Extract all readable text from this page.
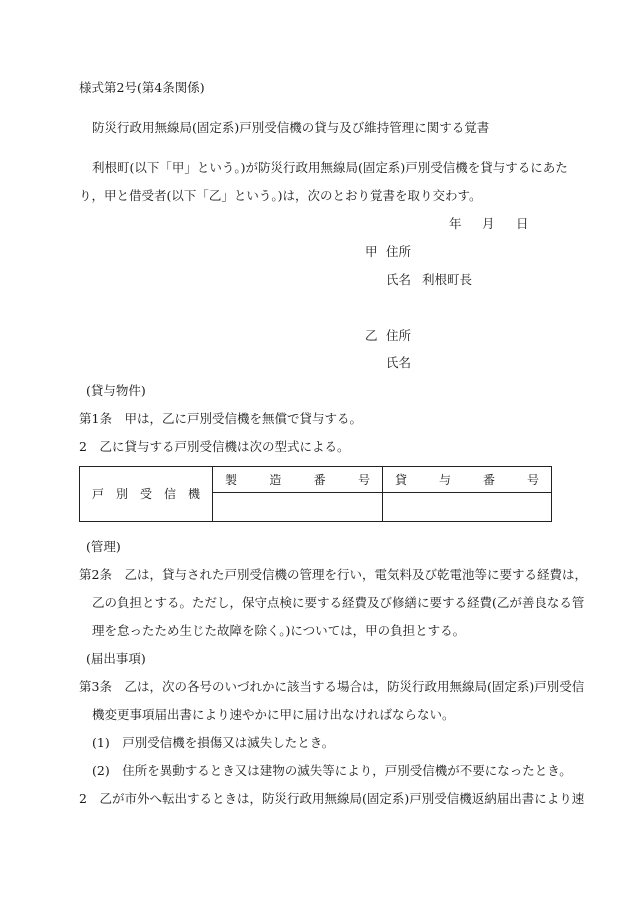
様式第2号(第4条関係)
防災行政用無線局(固定系)戸別受信機の貸与及び維持管理に関する覚書
利根町(以下「甲」という。)が防災行政用無線局(固定系)戸別受信機を貸与するにあた
り，甲と借受者(以下「乙」という。)は，次のとおり覚書を取り交わす。
年 月 日
甲 住所
氏名 利根町長
乙 住所
氏名
(貸与物件)
第1条　甲は，乙に戸別受信機を無償で貸与する。
2　乙に貸与する戸別受信機は次の型式による。
戸 別 受 信 機	製 造 番 号	貸 与 番 号

(管理)
第2条　乙は，貸与された戸別受信機の管理を行い，電気料及び乾電池等に要する経費は，
乙の負担とする。ただし，保守点検に要する経費及び修繕に要する経費(乙が善良なる管
理を怠ったため生じた故障を除く。)については，甲の負担とする。
(届出事項)
第3条　乙は，次の各号のいづれかに該当する場合は，防災行政用無線局(固定系)戸別受信
機変更事項届出書により速やかに甲に届け出なければならない。
(1)　戸別受信機を損傷又は滅失したとき。
(2)　住所を異動するとき又は建物の滅失等により，戸別受信機が不要になったとき。
2　乙が市外へ転出するときは，防災行政用無線局(固定系)戸別受信機返納届出書により速
